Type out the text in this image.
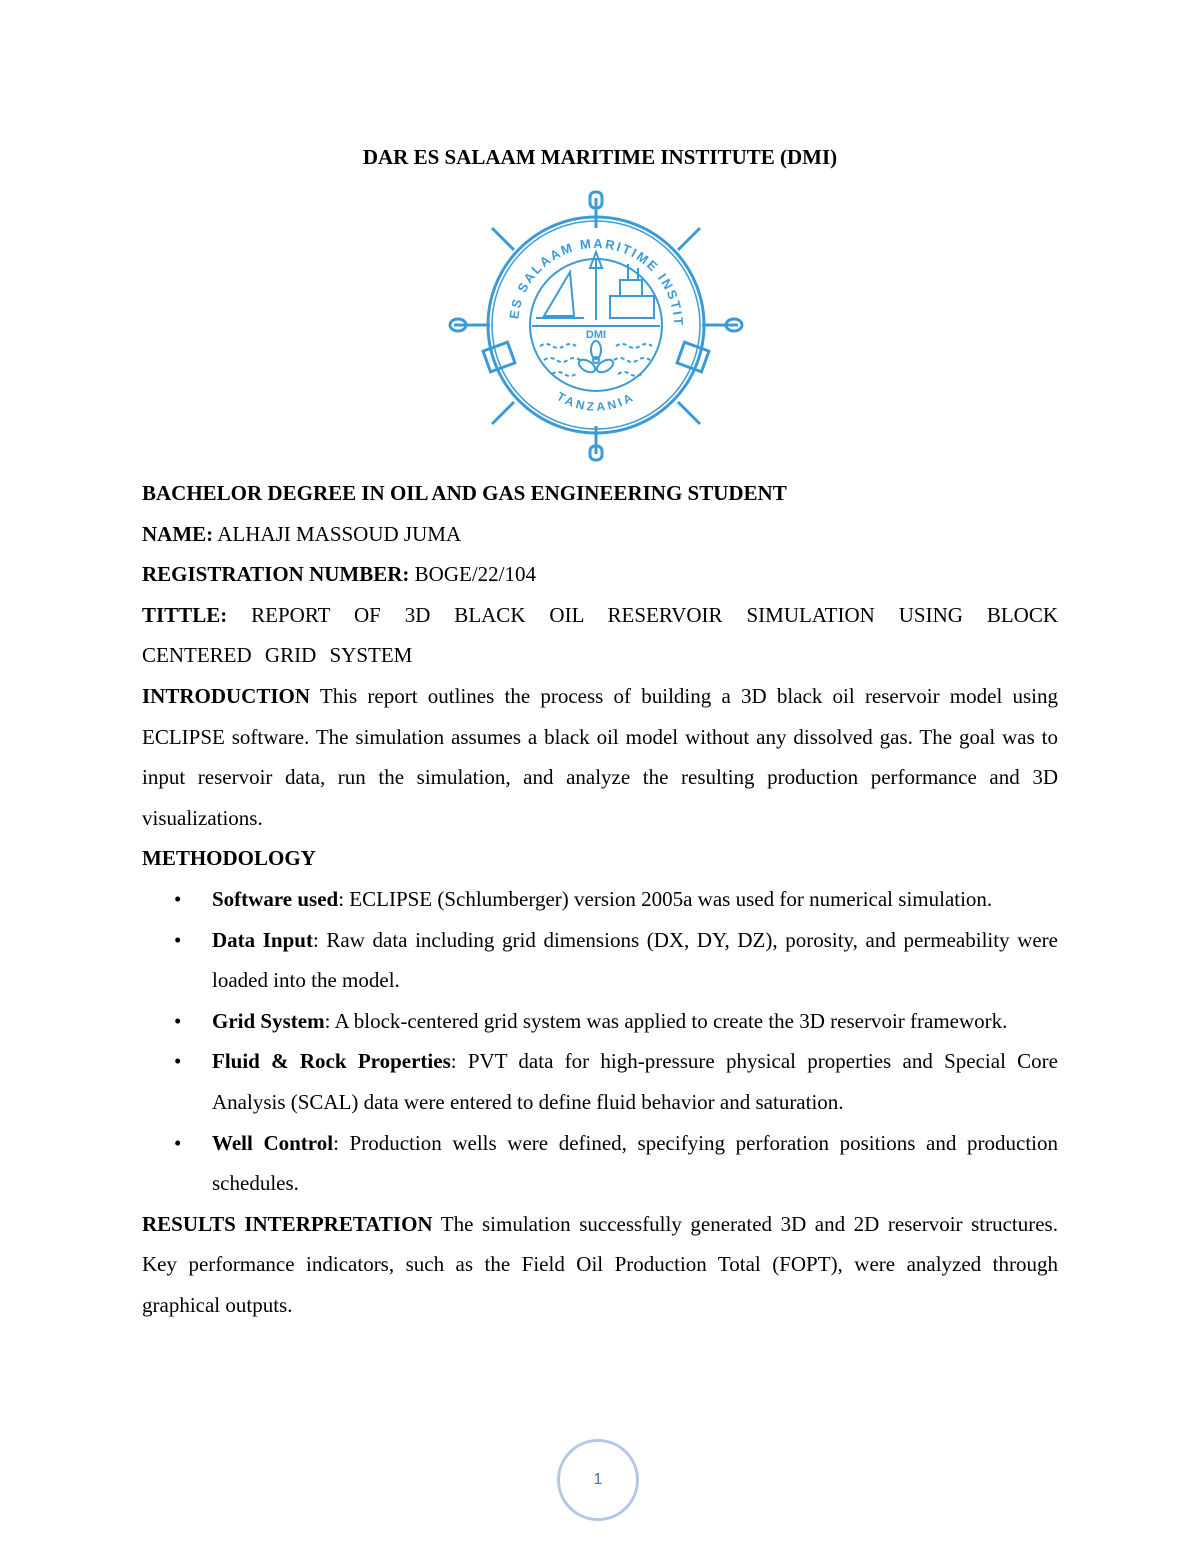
DAR ES SALAAM MARITIME INSTITUTE (DMI)
ES SALAAM MARITIME INSTIT
TANZANIA
DMI

BACHELOR DEGREE IN OIL AND GAS ENGINEERING STUDENT

NAME: ALHAJI MASSOUD JUMA

REGISTRATION NUMBER: BOGE/22/104

TITTLE: REPORT OF 3D BLACK OIL RESERVOIR SIMULATION USING BLOCK CENTERED GRID SYSTEM

INTRODUCTION This report outlines the process of building a 3D black oil reservoir model using ECLIPSE software. The simulation assumes a black oil model without any dissolved gas. The goal was to input reservoir data, run the simulation, and analyze the resulting production performance and 3D visualizations.

METHODOLOGY

• Software used: ECLIPSE (Schlumberger) version 2005a was used for numerical simulation.
• Data Input: Raw data including grid dimensions (DX, DY, DZ), porosity, and permeability were loaded into the model.
• Grid System: A block-centered grid system was applied to create the 3D reservoir framework.
• Fluid & Rock Properties: PVT data for high-pressure physical properties and Special Core Analysis (SCAL) data were entered to define fluid behavior and saturation.
• Well Control: Production wells were defined, specifying perforation positions and production schedules.

RESULTS INTERPRETATION The simulation successfully generated 3D and 2D reservoir structures. Key performance indicators, such as the Field Oil Production Total (FOPT), were analyzed through graphical outputs.

1
